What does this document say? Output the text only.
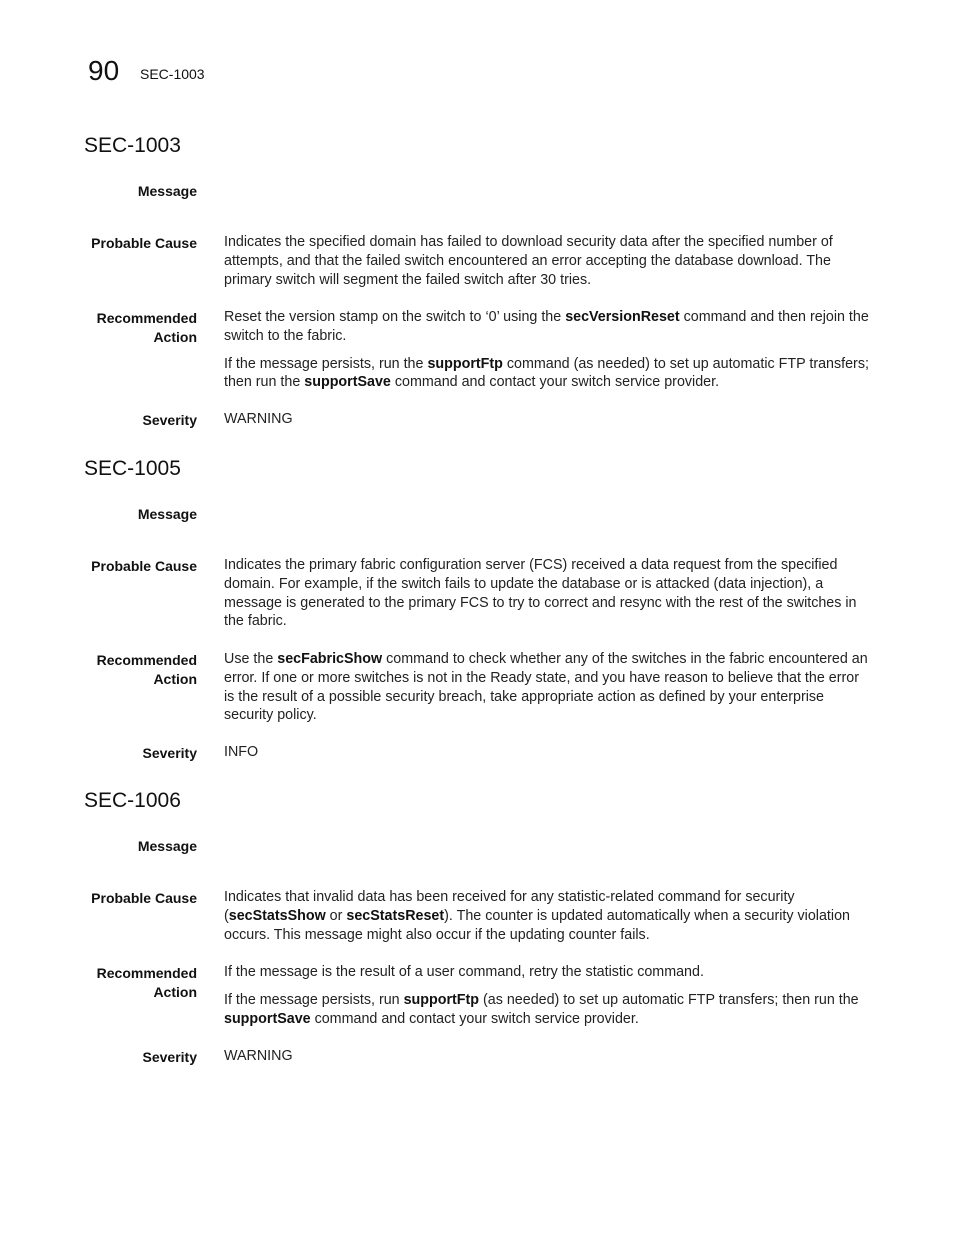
90 SEC-1003
SEC-1003
Message
Probable Cause Indicates the specified domain has failed to download security data after the specified number of attempts, and that the failed switch encountered an error accepting the database download. The primary switch will segment the failed switch after 30 tries.

Recommended
Action

Reset the version stamp on the switch to ‘0’ using the secVersionReset command and then rejoin the switch to the fabric.

If the message persists, run the supportFtp command (as needed) to set up automatic FTP transfers; then run the supportSave command and contact your switch service provider.

Severity WARNING
SEC-1005
Message
Probable Cause Indicates the primary fabric configuration server (FCS) received a data request from the specified domain. For example, if the switch fails to update the database or is attacked (data injection), a message is generated to the primary FCS to try to correct and resync with the rest of the switches in the fabric.

Recommended
Action

Use the secFabricShow command to check whether any of the switches in the fabric encountered an error. If one or more switches is not in the Ready state, and you have reason to believe that the error is the result of a possible security breach, take appropriate action as defined by your enterprise security policy.

Severity INFO
SEC-1006
Message
Probable Cause Indicates that invalid data has been received for any statistic-related command for security (secStatsShow or secStatsReset). The counter is updated automatically when a security violation occurs. This message might also occur if the updating counter fails.

Recommended
Action

If the message is the result of a user command, retry the statistic command.

If the message persists, run supportFtp (as needed) to set up automatic FTP transfers; then run the supportSave command and contact your switch service provider.

Severity WARNING
